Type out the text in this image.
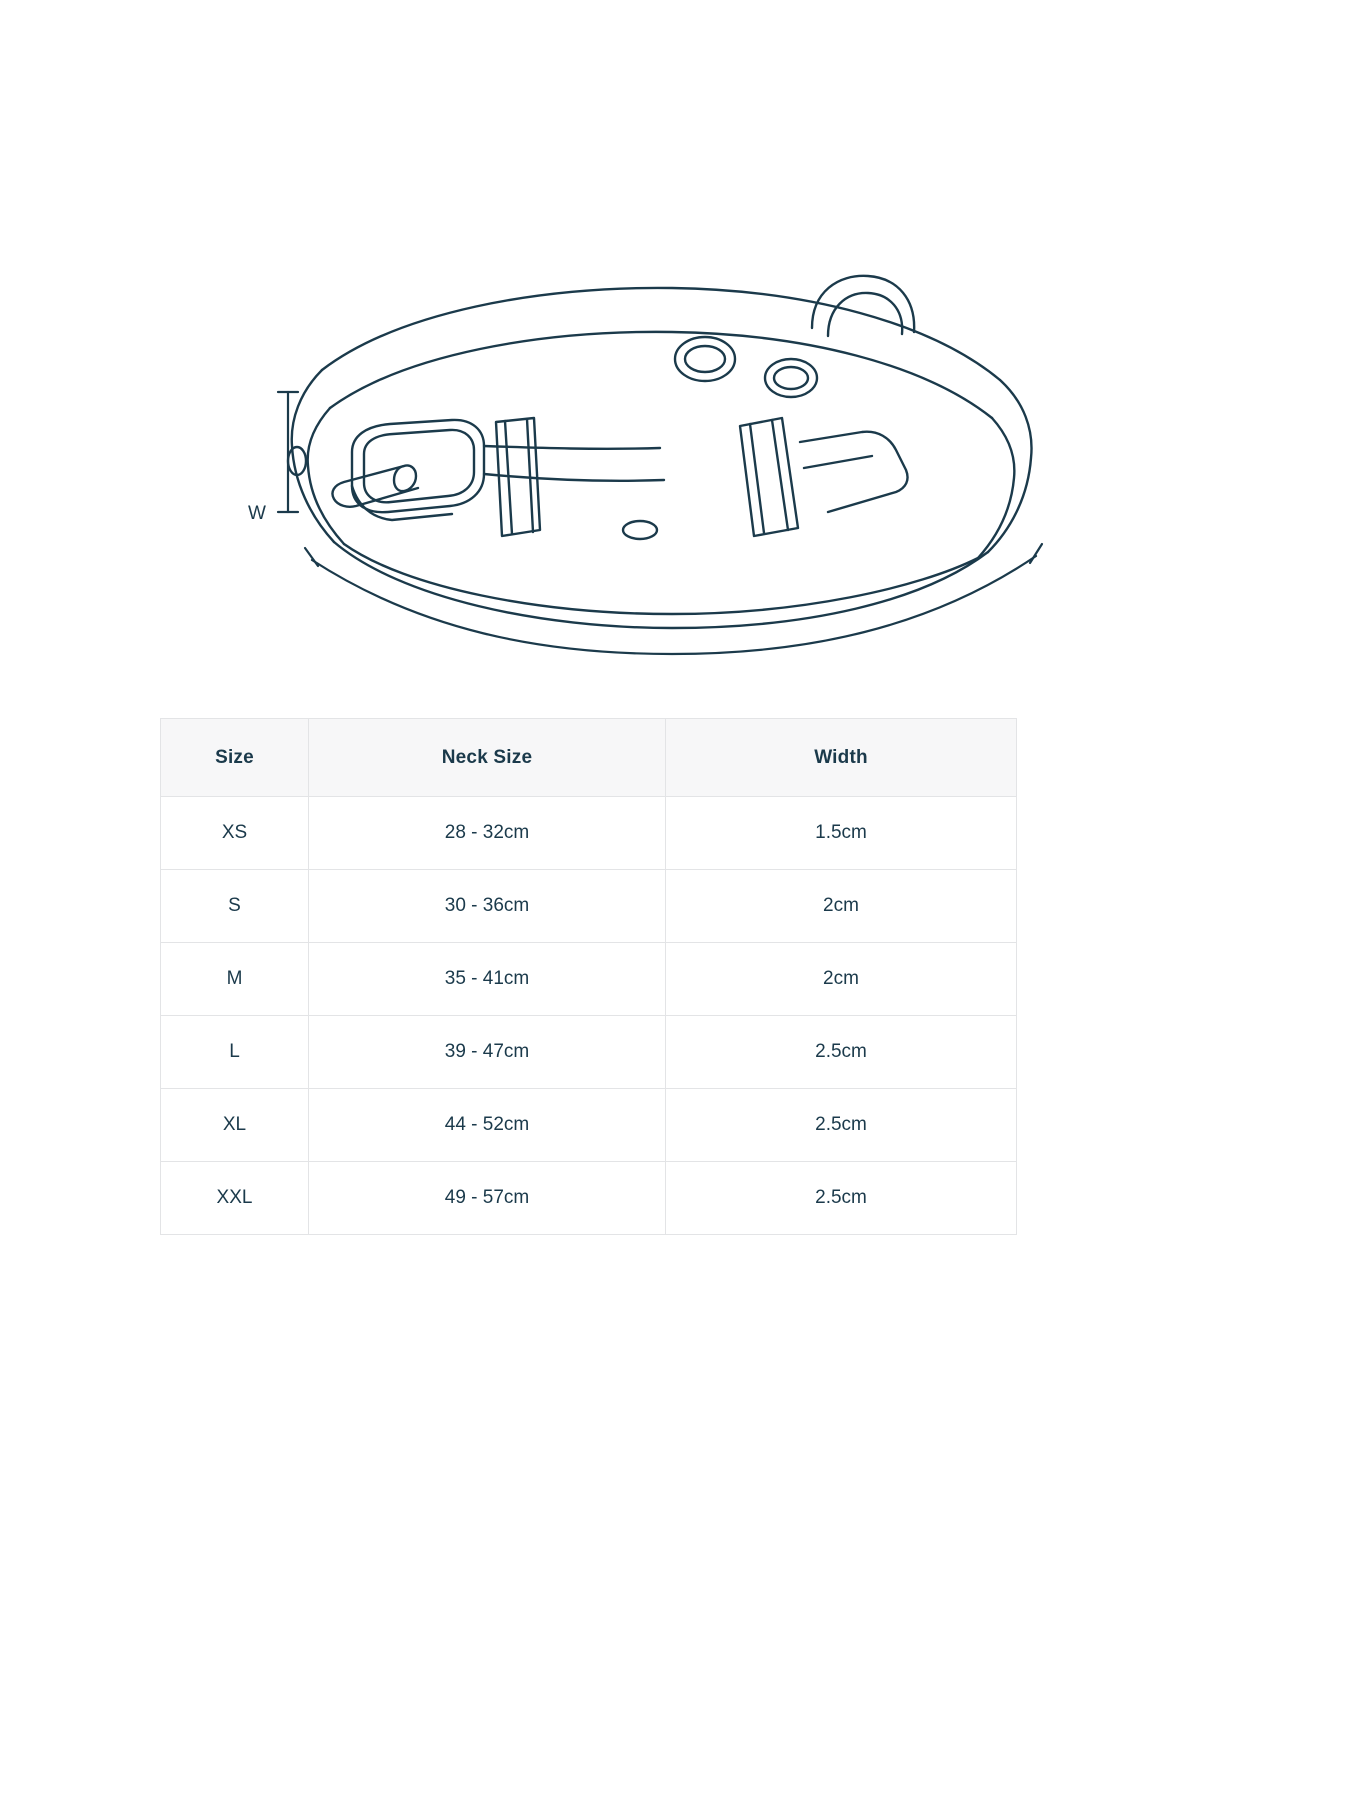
W
Size	Neck Size	Width
XS	28 - 32cm	1.5cm
S	30 - 36cm	2cm
M	35 - 41cm	2cm
L	39 - 47cm	2.5cm
XL	44 - 52cm	2.5cm
XXL	49 - 57cm	2.5cm
